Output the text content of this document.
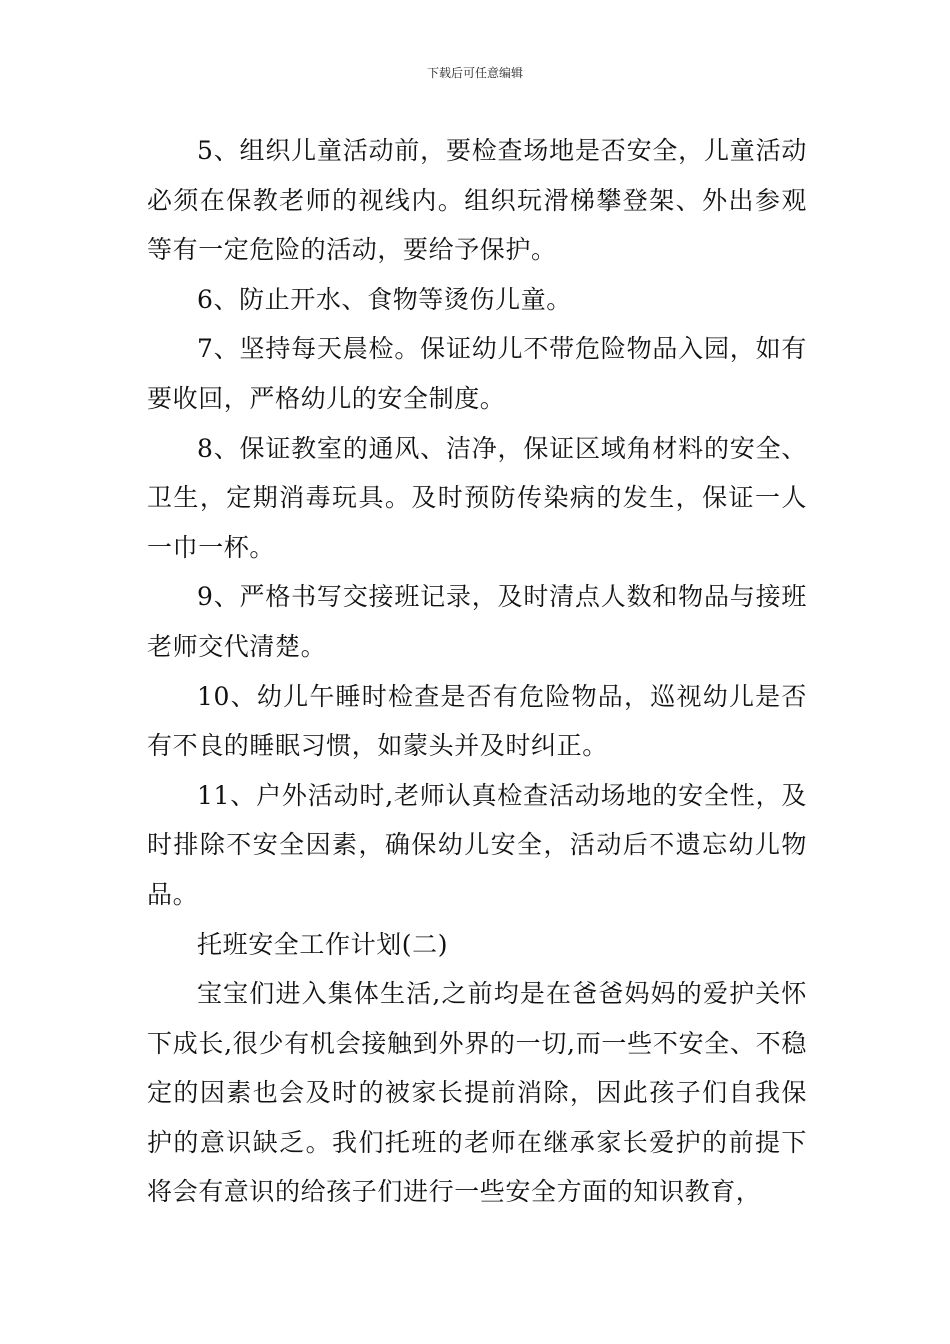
下载后可任意编辑

5、组织儿童活动前，要检查场地是否安全，儿童活动必须在保教老师的视线内。组织玩滑梯攀登架、外出参观等有一定危险的活动，要给予保护。

6、防止开水、食物等烫伤儿童。

7、坚持每天晨检。保证幼儿不带危险物品入园，如有要收回，严格幼儿的安全制度。

8、保证教室的通风、洁净，保证区域角材料的安全、卫生，定期消毒玩具。及时预防传染病的发生，保证一人一巾一杯。

9、严格书写交接班记录，及时清点人数和物品与接班老师交代清楚。

10、幼儿午睡时检查是否有危险物品，巡视幼儿是否有不良的睡眠习惯，如蒙头并及时纠正。

11、户外活动时,老师认真检查活动场地的安全性，及时排除不安全因素，确保幼儿安全，活动后不遗忘幼儿物品。

托班安全工作计划(二)

宝宝们进入集体生活,之前均是在爸爸妈妈的爱护关怀下成长,很少有机会接触到外界的一切,而一些不安全、不稳定的因素也会及时的被家长提前消除，因此孩子们自我保护的意识缺乏。我们托班的老师在继承家长爱护的前提下将会有意识的给孩子们进行一些安全方面的知识教育，
